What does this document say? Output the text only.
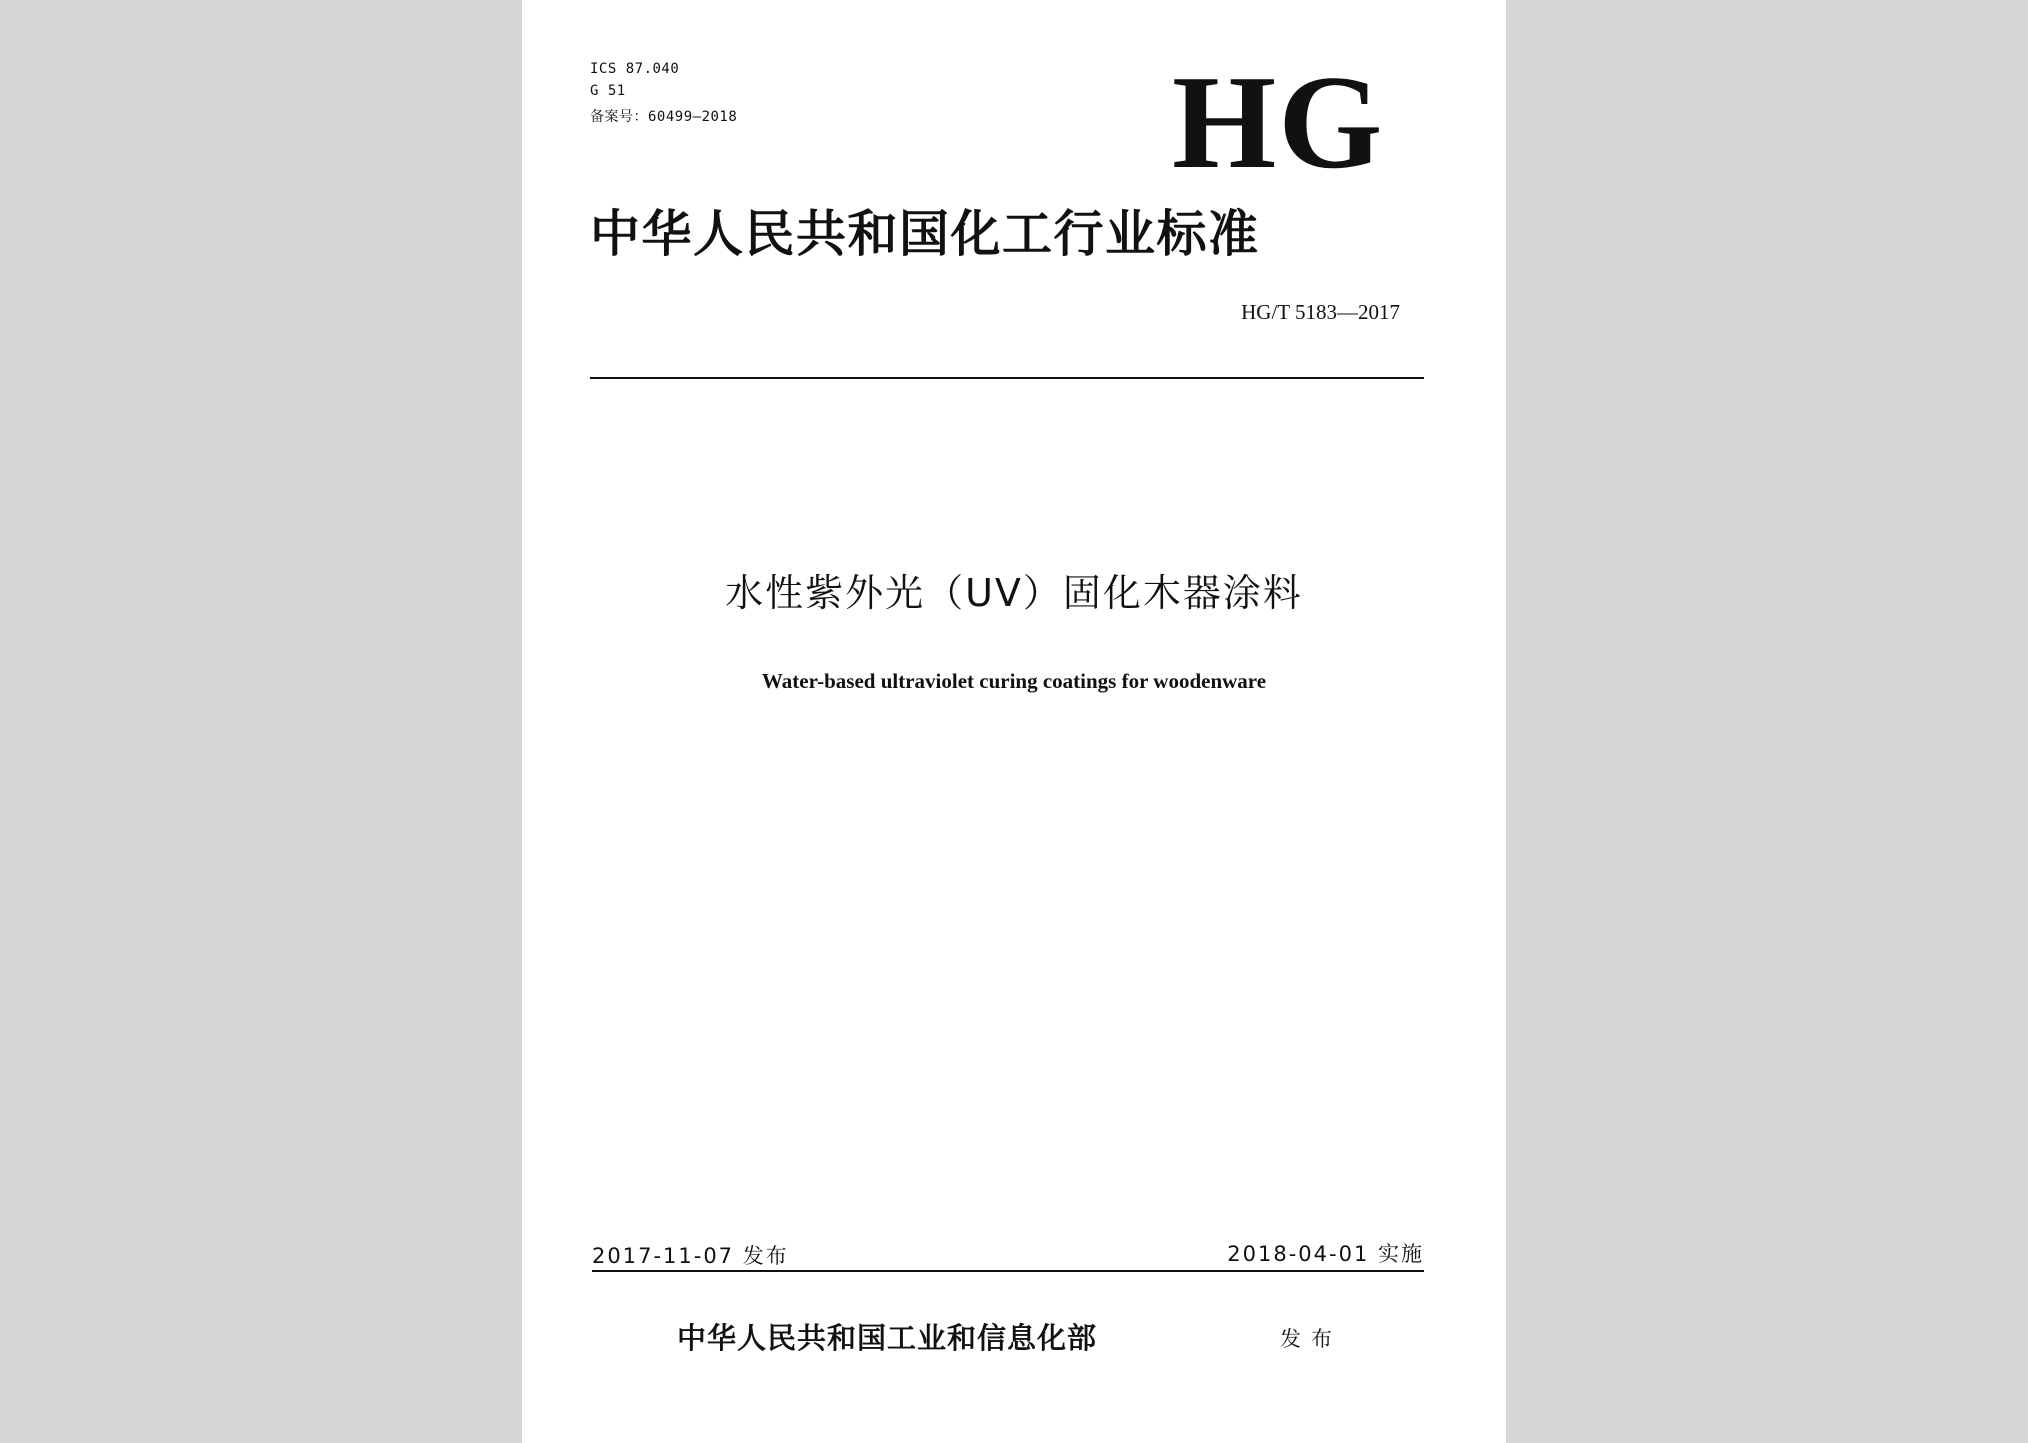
ICS 87.040
G 51
备案号：60499—2018	HG
中华人民共和国化工行业标准
HG/T 5183—2017
水性紫外光（UV）固化木器涂料
Water-based ultraviolet curing coatings for woodenware
2017-11-07 发布	2018-04-01 实施
中华人民共和国工业和信息化部	发布
